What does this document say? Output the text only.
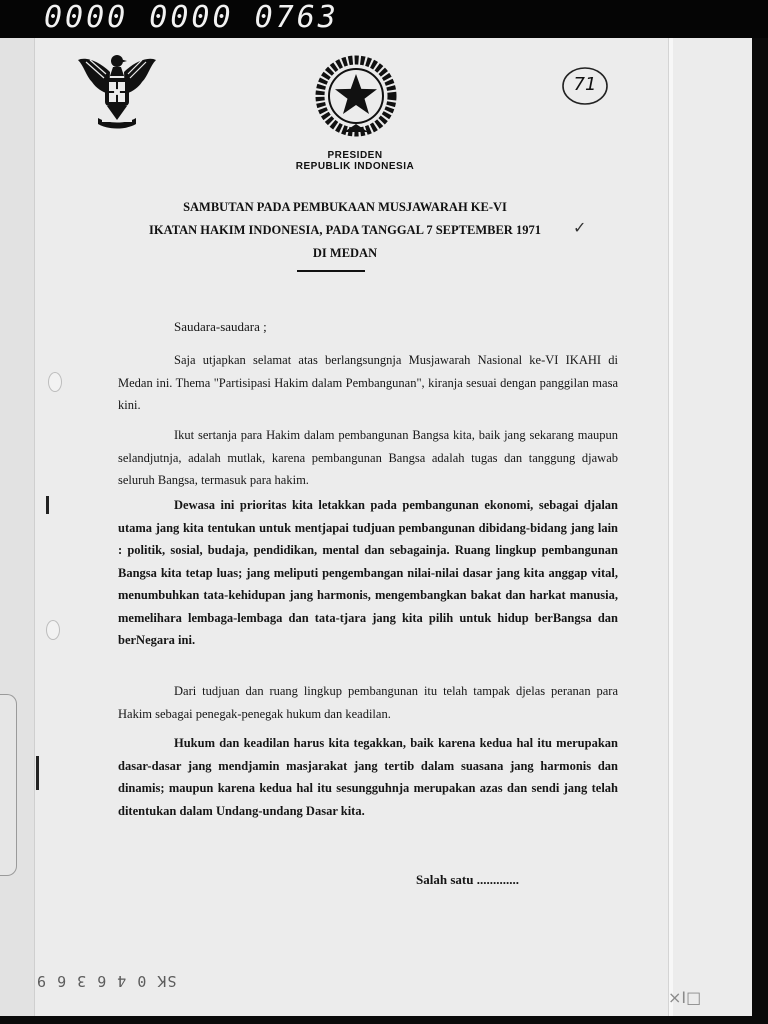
0000 0000 0763
71
PRESIDEN
REPUBLIK INDONESIA
SAMBUTAN PADA PEMBUKAAN MUSJAWARAH KE-VI
IKATAN HAKIM INDONESIA, PADA TANGGAL 7 SEPTEMBER 1971
DI MEDAN
✓
Saudara-saudara ;
Saja utjapkan selamat atas berlangsungnja Musjawarah Nasional ke-VI IKAHI di Medan ini. Thema "Partisipasi Hakim dalam Pembangunan", kiranja sesuai dengan panggilan masa kini.
Ikut sertanja para Hakim dalam pembangunan Bangsa kita, baik jang sekarang maupun selandjutnja, adalah mutlak, karena pembangunan Bangsa adalah tugas dan tanggung djawab seluruh Bangsa, termasuk para hakim.
Dewasa ini prioritas kita letakkan pada pembangunan ekonomi, sebagai djalan utama jang kita tentukan untuk mentjapai tudjuan pembangunan dibidang-bidang jang lain : politik, sosial, budaja, pendidikan, mental dan sebagainja. Ruang lingkup pembangunan Bangsa kita tetap luas; jang meliputi pengembangan nilai-nilai dasar jang kita anggap vital, menumbuhkan tata-kehidupan jang harmonis, mengembangkan bakat dan harkat manusia, memelihara lembaga-lembaga dan tata-tjara jang kita pilih untuk hidup berBangsa dan berNegara ini.
Dari tudjuan dan ruang lingkup pembangunan itu telah tampak djelas peranan para Hakim sebagai penegak-penegak hukum dan keadilan.
Hukum dan keadilan harus kita tegakkan, baik karena kedua hal itu merupakan dasar-dasar jang mendjamin masjarakat jang tertib dalam suasana jang harmonis dan dinamis; maupun karena kedua hal itu sesungguhnja merupakan azas dan sendi jang telah ditentukan dalam Undang-undang Dasar kita.
Salah satu .............
SK 0 4 6 3 6 9
×I□
